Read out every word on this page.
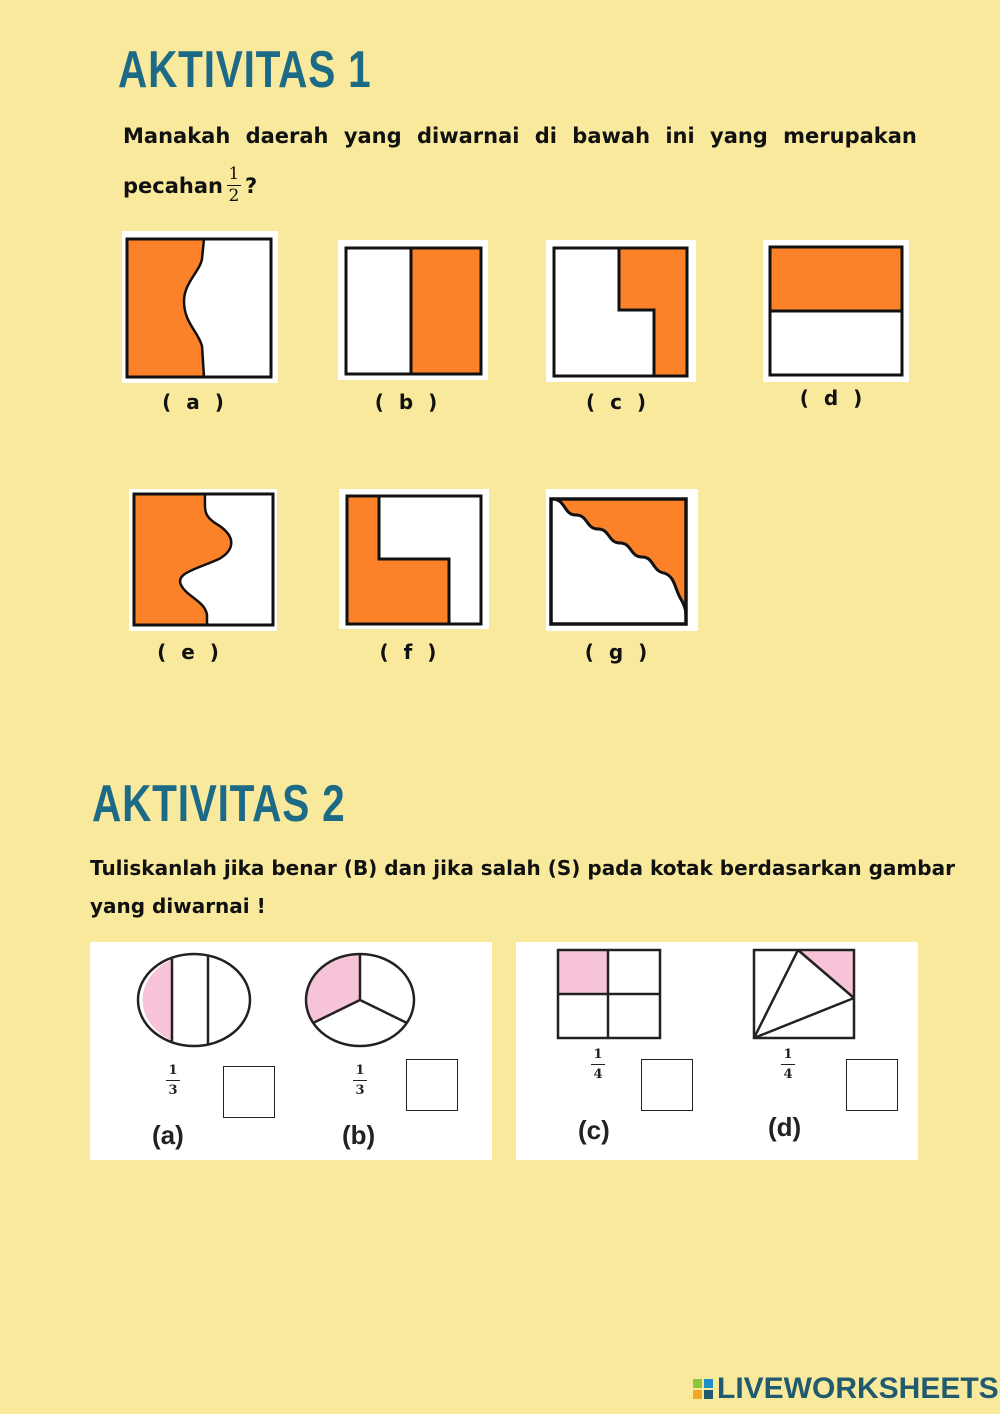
AKTIVITAS 1
Manakah daerah yang diwarnai di bawah ini yang merupakan
pecahan $\frac{1}{2}$ ?
( a )	( b )	( c )	( d )
( e )	( f )	( g )
AKTIVITAS 2
Tuliskanlah jika benar (B) dan jika salah (S) pada kotak berdasarkan gambar
yang diwarnai !
1
3
(a)
1
3
(b)
1
4
(c)
1
4
(d)
LIVEWORKSHEETS
